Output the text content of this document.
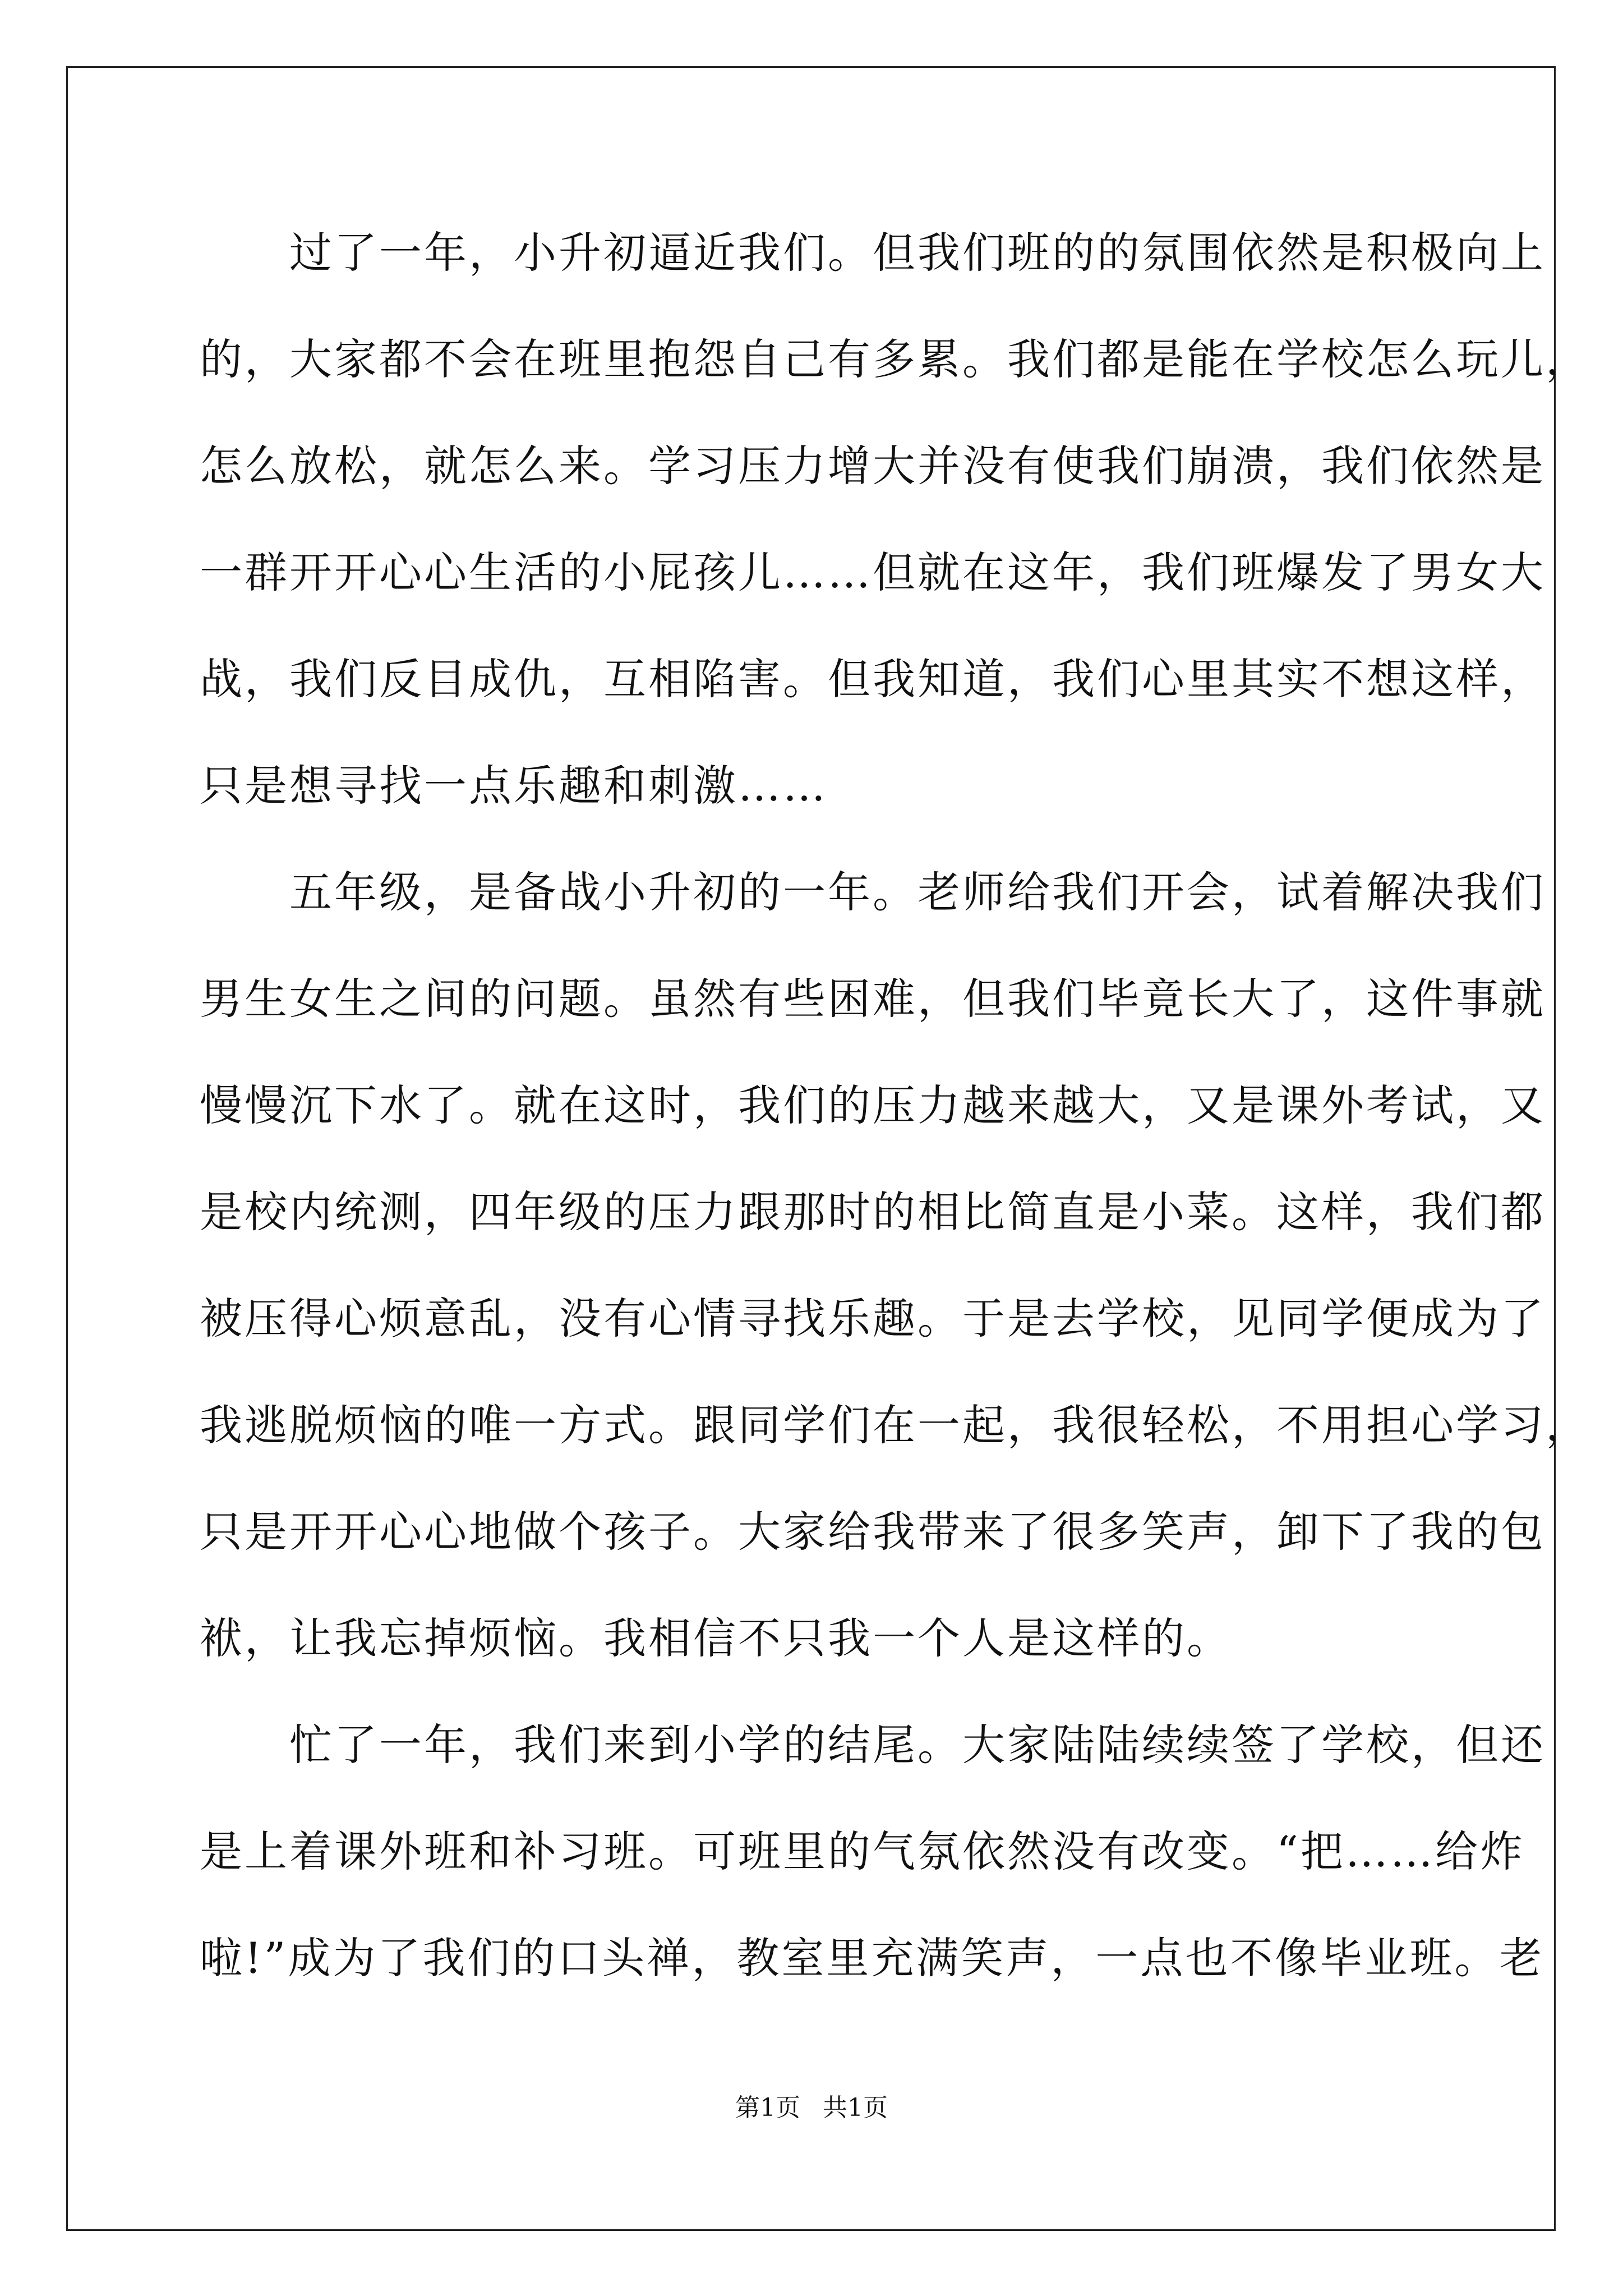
　　过了一年，小升初逼近我们。但我们班的的氛围依然是积极向上
的，大家都不会在班里抱怨自己有多累。我们都是能在学校怎么玩儿，
怎么放松，就怎么来。学习压力增大并没有使我们崩溃，我们依然是
一群开开心心生活的小屁孩儿……但就在这年，我们班爆发了男女大
战，我们反目成仇，互相陷害。但我知道，我们心里其实不想这样，
只是想寻找一点乐趣和刺激……
　　五年级，是备战小升初的一年。老师给我们开会，试着解决我们
男生女生之间的问题。虽然有些困难，但我们毕竟长大了，这件事就
慢慢沉下水了。就在这时，我们的压力越来越大，又是课外考试，又
是校内统测，四年级的压力跟那时的相比简直是小菜。这样，我们都
被压得心烦意乱，没有心情寻找乐趣。于是去学校，见同学便成为了
我逃脱烦恼的唯一方式。跟同学们在一起，我很轻松，不用担心学习，
只是开开心心地做个孩子。大家给我带来了很多笑声，卸下了我的包
袱，让我忘掉烦恼。我相信不只我一个人是这样的。
　　忙了一年，我们来到小学的结尾。大家陆陆续续签了学校，但还
是上着课外班和补习班。可班里的气氛依然没有改变。“把……给炸
啦!”成为了我们的口头禅，教室里充满笑声，一点也不像毕业班。老
第1页 共1页
